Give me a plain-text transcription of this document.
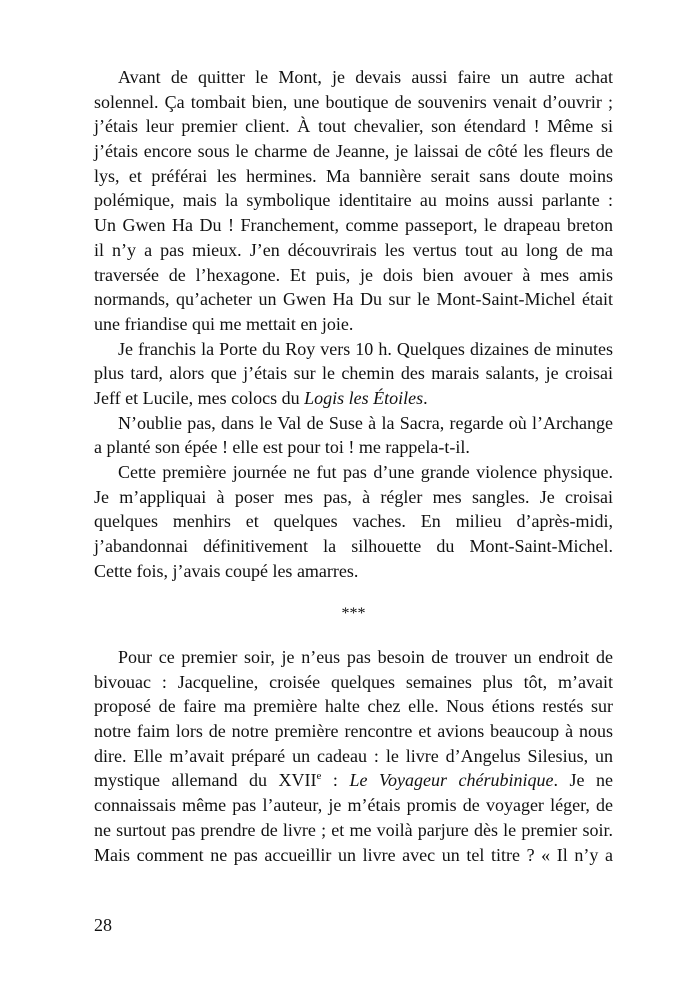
Avant de quitter le Mont, je devais aussi faire un autre achat
solennel. Ça tombait bien, une boutique de souvenirs venait d’ouvrir ;
j’étais leur premier client. À tout chevalier, son étendard ! Même si
j’étais encore sous le charme de Jeanne, je laissai de côté les fleurs de
lys, et préférai les hermines. Ma bannière serait sans doute moins
polémique, mais la symbolique identitaire au moins aussi parlante :
Un Gwen Ha Du ! Franchement, comme passeport, le drapeau breton
il n’y a pas mieux. J’en découvrirais les vertus tout au long de ma
traversée de l’hexagone. Et puis, je dois bien avouer à mes amis
normands, qu’acheter un Gwen Ha Du sur le Mont-Saint-Michel était
une friandise qui me mettait en joie.
Je franchis la Porte du Roy vers 10 h. Quelques dizaines de minutes
plus tard, alors que j’étais sur le chemin des marais salants, je croisai
Jeff et Lucile, mes colocs du Logis les Étoiles.
N’oublie pas, dans le Val de Suse à la Sacra, regarde où l’Archange
a planté son épée ! elle est pour toi ! me rappela-t-il.
Cette première journée ne fut pas d’une grande violence physique.
Je m’appliquai à poser mes pas, à régler mes sangles. Je croisai
quelques menhirs et quelques vaches. En milieu d’après-midi,
j’abandonnai définitivement la silhouette du Mont-Saint-Michel.
Cette fois, j’avais coupé les amarres.
***
Pour ce premier soir, je n’eus pas besoin de trouver un endroit de
bivouac : Jacqueline, croisée quelques semaines plus tôt, m’avait
proposé de faire ma première halte chez elle. Nous étions restés sur
notre faim lors de notre première rencontre et avions beaucoup à nous
dire. Elle m’avait préparé un cadeau : le livre d’Angelus Silesius, un
mystique allemand du XVIIe : Le Voyageur chérubinique. Je ne
connaissais même pas l’auteur, je m’étais promis de voyager léger, de
ne surtout pas prendre de livre ; et me voilà parjure dès le premier soir.
Mais comment ne pas accueillir un livre avec un tel titre ? « Il n’y a
28
